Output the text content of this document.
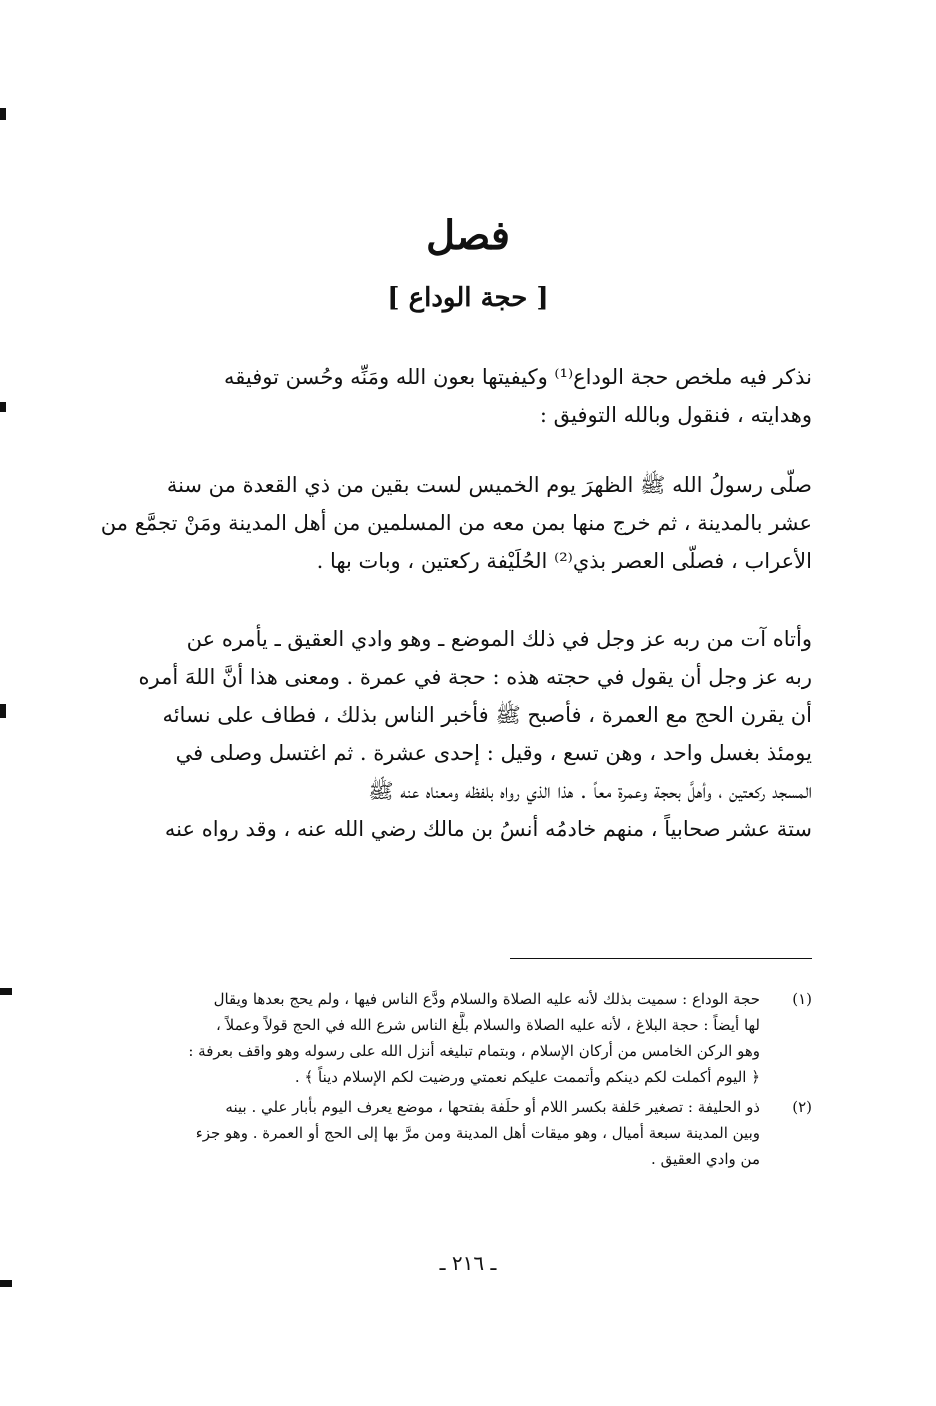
فصل
[ حجة الوداع ]
نذكر فيه ملخص حجة الوداع⁽¹⁾ وكيفيتها بعون الله ومَنِّه وحُسن توفيقه
وهدايته ، فنقول وبالله التوفيق :
صلّى رسولُ الله ﷺ الظهرَ يوم الخميس لست بقين من ذي القعدة من سنة
عشر بالمدينة ، ثم خرج منها بمن معه من المسلمين من أهل المدينة ومَنْ تجمَّع من
الأعراب ، فصلّى العصر بذي⁽²⁾ الحُلَيْفة ركعتين ، وبات بها .
وأتاه آت من ربه عز وجل في ذلك الموضع ـ وهو وادي العقيق ـ يأمره عن
ربه عز وجل أن يقول في حجته هذه : حجة في عمرة . ومعنى هذا أنَّ اللهَ أمره
أن يقرن الحج مع العمرة ، فأصبح ﷺ فأخبر الناس بذلك ، فطاف على نسائه
يومئذ بغسل واحد ، وهن تسع ، وقيل : إحدى عشرة . ثم اغتسل وصلى في
المسجد ركعتين ، وأهلَّ بحجة وعمرة معاً . هذا الذي رواه بلفظه ومعناه عنه ﷺ
ستة عشر صحابياً ، منهم خادمُه أنسُ بن مالك رضي الله عنه ، وقد رواه عنه
(١)
حجة الوداع : سميت بذلك لأنه عليه الصلاة والسلام ودَّع الناس فيها ، ولم يحج بعدها ويقال
لها أيضاً : حجة البلاغ ، لأنه عليه الصلاة والسلام بلَّغ الناس شرع الله في الحج قولاً وعملاً ،
وهو الركن الخامس من أركان الإسلام ، وبتمام تبليغه أنزل الله على رسوله وهو واقف بعرفة :
﴿ اليوم أكملت لكم دينكم وأتممت عليكم نعمتي ورضيت لكم الإسلام ديناً ﴾ .
(٢)
ذو الحليفة : تصغير حَلفة بكسر اللام أو حلَفة بفتحها ، موضع يعرف اليوم بأبار علي . بينه
وبين المدينة سبعة أميال ، وهو ميقات أهل المدينة ومن مرَّ بها إلى الحج أو العمرة . وهو جزء
من وادي العقيق .
ـ ٢١٦ ـ
